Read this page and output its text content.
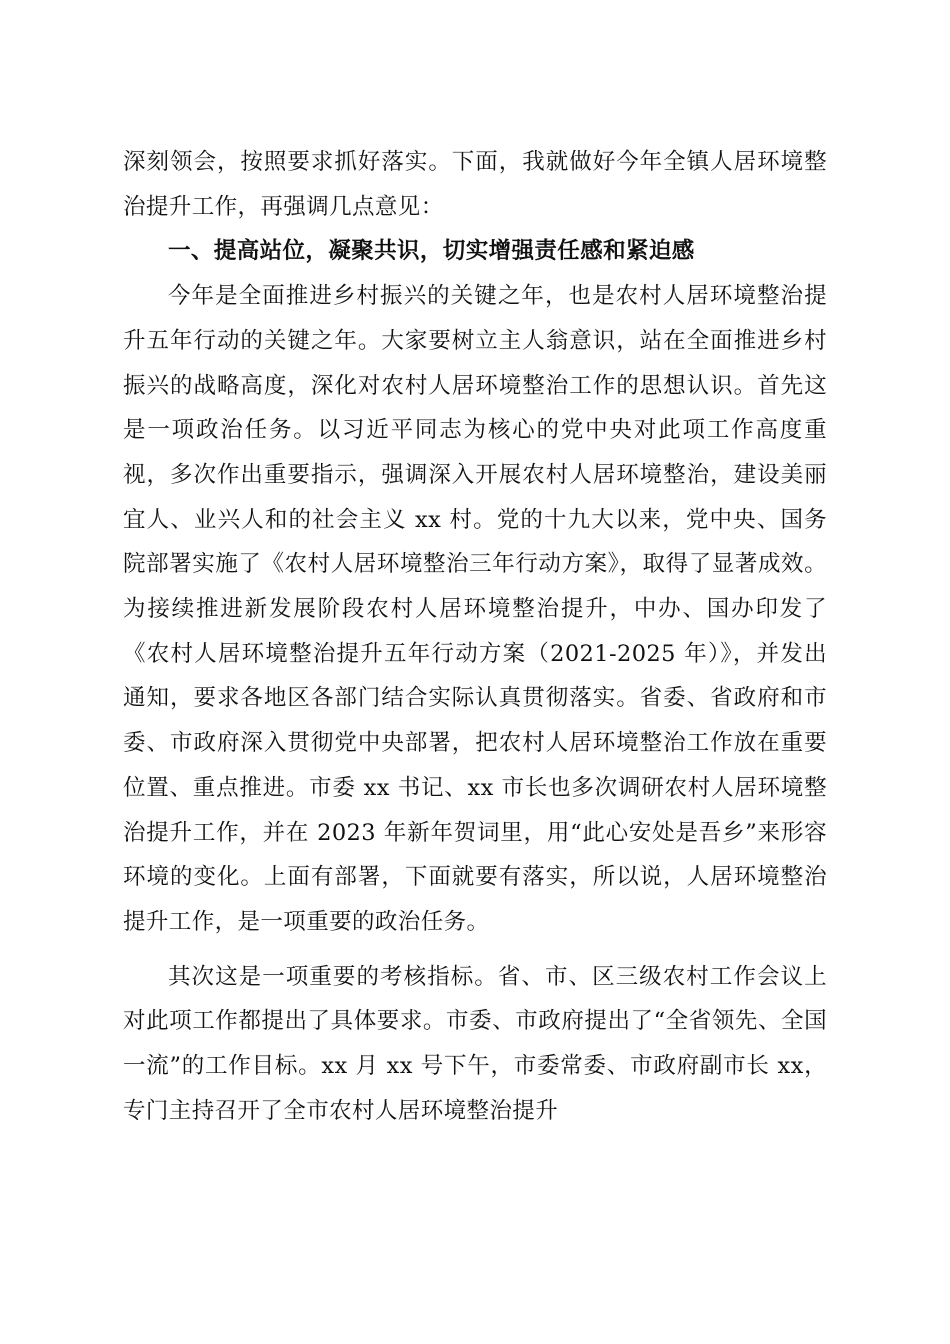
深刻领会，按照要求抓好落实。下面，我就做好今年全镇人居环境整治提升工作，再强调几点意见：

一、提高站位，凝聚共识，切实增强责任感和紧迫感

今年是全面推进乡村振兴的关键之年，也是农村人居环境整治提升五年行动的关键之年。大家要树立主人翁意识，站在全面推进乡村振兴的战略高度，深化对农村人居环境整治工作的思想认识。首先这是一项政治任务。以习近平同志为核心的党中央对此项工作高度重视，多次作出重要指示，强调深入开展农村人居环境整治，建设美丽宜人、业兴人和的社会主义 xx 村。党的十九大以来，党中央、国务院部署实施了《农村人居环境整治三年行动方案》，取得了显著成效。为接续推进新发展阶段农村人居环境整治提升，中办、国办印发了《农村人居环境整治提升五年行动方案（2021-2025 年）》，并发出通知，要求各地区各部门结合实际认真贯彻落实。省委、省政府和市委、市政府深入贯彻党中央部署，把农村人居环境整治工作放在重要位置、重点推进。市委 xx 书记、xx 市长也多次调研农村人居环境整治提升工作，并在 2023 年新年贺词里，用“此心安处是吾乡”来形容环境的变化。上面有部署，下面就要有落实，所以说，人居环境整治提升工作，是一项重要的政治任务。

其次这是一项重要的考核指标。省、市、区三级农村工作会议上对此项工作都提出了具体要求。市委、市政府提出了“全省领先、全国一流”的工作目标。xx 月 xx 号下午，市委常委、市政府副市长 xx，专门主持召开了全市农村人居环境整治提升
